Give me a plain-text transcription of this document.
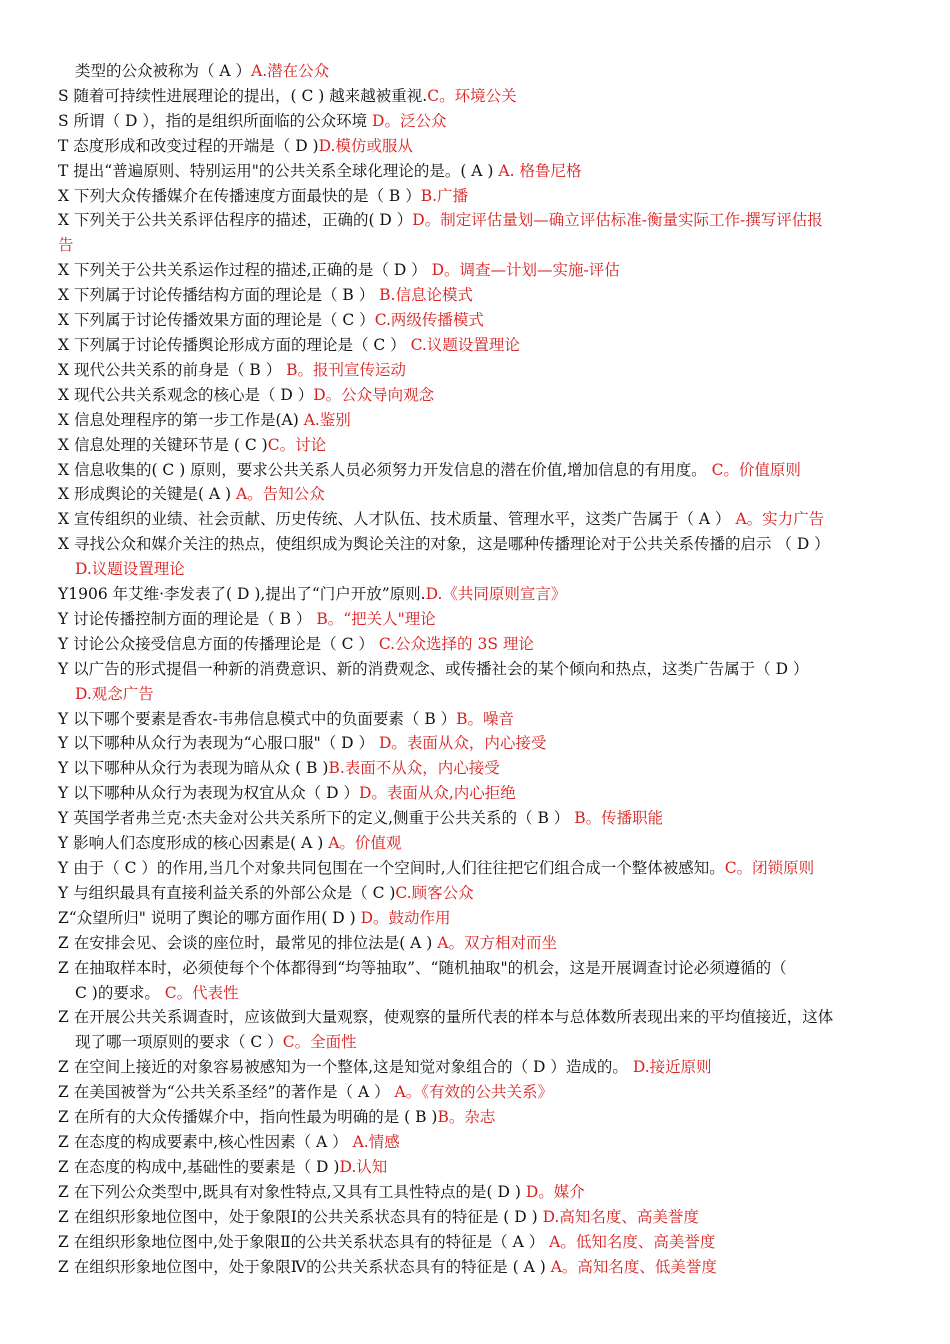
类型的公众被称为（ A ）A.潜在公众
S 随着可持续性进展理论的提出，( C ) 越来越被重视.C。环境公关
S 所谓（ D ），指的是组织所面临的公众环境 D。泛公众
T 态度形成和改变过程的开端是（ D )D.模仿或服从
T 提出“普遍原则、特别运用"的公共关系全球化理论的是。( A ) A. 格鲁尼格
X 下列大众传播媒介在传播速度方面最快的是（ B ）B.广播
X 下列关于公共关系评估程序的描述，正确的( D ）D。制定评估量划—确立评估标准-衡量实际工作-撰写评估报
告
X 下列关于公共关系运作过程的描述,正确的是（ D ） D。调查—计划—实施-评估
X 下列属于讨论传播结构方面的理论是（ B ） B.信息论模式
X 下列属于讨论传播效果方面的理论是（ C ）C.两级传播模式
X 下列属于讨论传播舆论形成方面的理论是（ C ） C.议题设置理论
X 现代公共关系的前身是（ B ） B。报刊宣传运动
X 现代公共关系观念的核心是（ D ）D。公众导向观念
X 信息处理程序的第一步工作是(A) A.鉴别
X 信息处理的关键环节是 ( C )C。讨论
X 信息收集的( C ) 原则，要求公共关系人员必须努力开发信息的潜在价值,增加信息的有用度。 C。价值原则
X 形成舆论的关键是( A ) A。告知公众
X 宣传组织的业绩、社会贡献、历史传统、人才队伍、技术质量、管理水平，这类广告属于（ A ） A。实力广告
X 寻找公众和媒介关注的热点，使组织成为舆论关注的对象，这是哪种传播理论对于公共关系传播的启示 （ D ）
D.议题设置理论
Y1906 年艾维·李发表了( D ),提出了“门户开放”原则.D.《共同原则宣言》
Y 讨论传播控制方面的理论是（ B ） B。“把关人"理论
Y 讨论公众接受信息方面的传播理论是（ C ） C.公众选择的 3S 理论
Y 以广告的形式提倡一种新的消费意识、新的消费观念、或传播社会的某个倾向和热点，这类广告属于（ D ）
D.观念广告
Y 以下哪个要素是香农-韦弗信息模式中的负面要素（ B ）B。噪音
Y 以下哪种从众行为表现为“心服口服"（ D ） D。表面从众，内心接受
Y 以下哪种从众行为表现为暗从众 ( B )B.表面不从众，内心接受
Y 以下哪种从众行为表现为权宜从众（ D ）D。表面从众,内心拒绝
Y 英国学者弗兰克·杰夫金对公共关系所下的定义,侧重于公共关系的（ B ） B。传播职能
Y 影响人们态度形成的核心因素是( A ) A。价值观
Y 由于（ C ）的作用,当几个对象共同包围在一个空间时,人们往往把它们组合成一个整体被感知。C。闭锁原则
Y 与组织最具有直接利益关系的外部公众是（ C )C.顾客公众
Z“众望所归" 说明了舆论的哪方面作用( D ) D。鼓动作用
Z 在安排会见、会谈的座位时，最常见的排位法是( A ) A。双方相对而坐
Z 在抽取样本时，必须使每个个体都得到“均等抽取”、“随机抽取"的机会，这是开展调查讨论必须遵循的（
C )的要求。 C。代表性
Z 在开展公共关系调查时，应该做到大量观察，使观察的量所代表的样本与总体数所表现出来的平均值接近，这体
现了哪一项原则的要求（ C ）C。全面性
Z 在空间上接近的对象容易被感知为一个整体,这是知觉对象组合的（ D ）造成的。 D.接近原则
Z 在美国被誉为“公共关系圣经”的著作是（ A ） A。《有效的公共关系》
Z 在所有的大众传播媒介中，指向性最为明确的是 ( B )B。杂志
Z 在态度的构成要素中,核心性因素（ A ） A.情感
Z 在态度的构成中,基础性的要素是（ D )D.认知
Z 在下列公众类型中,既具有对象性特点,又具有工具性特点的是( D ) D。媒介
Z 在组织形象地位图中，处于象限Ⅰ的公共关系状态具有的特征是 ( D ) D.高知名度、高美誉度
Z 在组织形象地位图中,处于象限Ⅱ的公共关系状态具有的特征是（ A ） A。低知名度、高美誉度
Z 在组织形象地位图中，处于象限Ⅳ的公共关系状态具有的特征是 ( A ) A。高知名度、低美誉度
